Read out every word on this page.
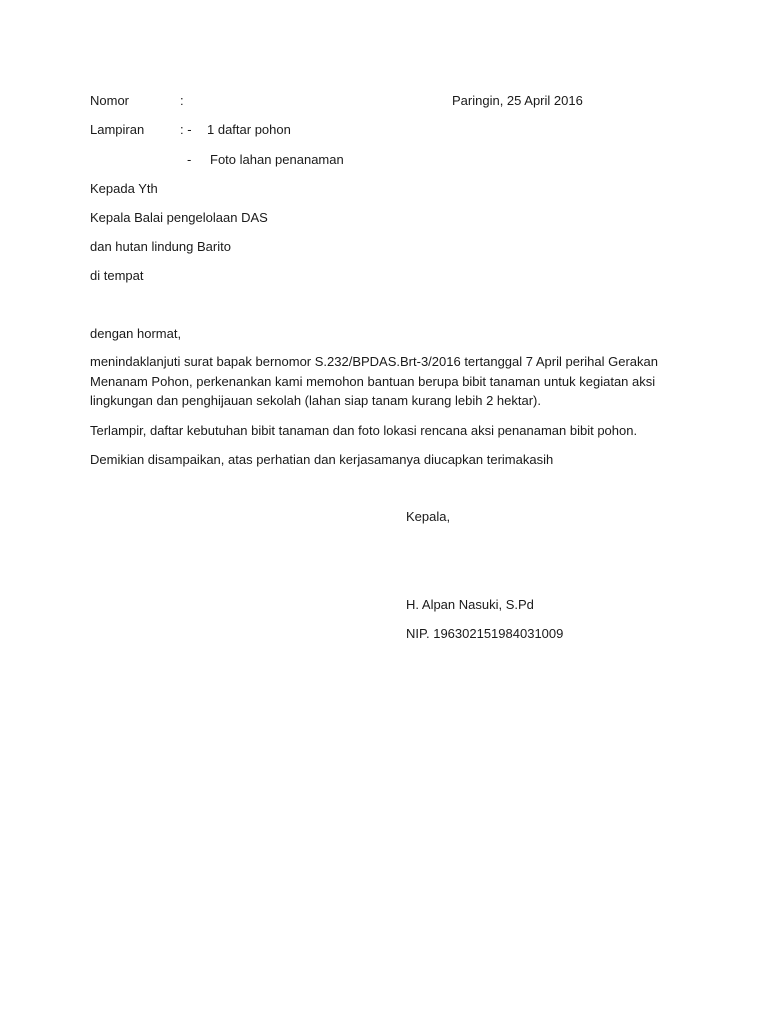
Nomor	:	Paringin, 25 April 2016
Lampiran	: - 1 daftar pohon
- Foto lahan penanaman
Kepada Yth
Kepala Balai pengelolaan DAS
dan hutan lindung Barito
di tempat
dengan hormat,
menindaklanjuti surat bapak bernomor S.232/BPDAS.Brt-3/2016 tertanggal 7 April perihal Gerakan Menanam Pohon, perkenankan kami memohon bantuan berupa bibit tanaman untuk kegiatan aksi lingkungan dan penghijauan sekolah (lahan siap tanam kurang lebih 2 hektar).
Terlampir, daftar kebutuhan bibit tanaman dan foto lokasi rencana aksi penanaman bibit pohon.
Demikian disampaikan, atas perhatian dan kerjasamanya diucapkan terimakasih
Kepala,
H. Alpan Nasuki, S.Pd
NIP. 196302151984031009
